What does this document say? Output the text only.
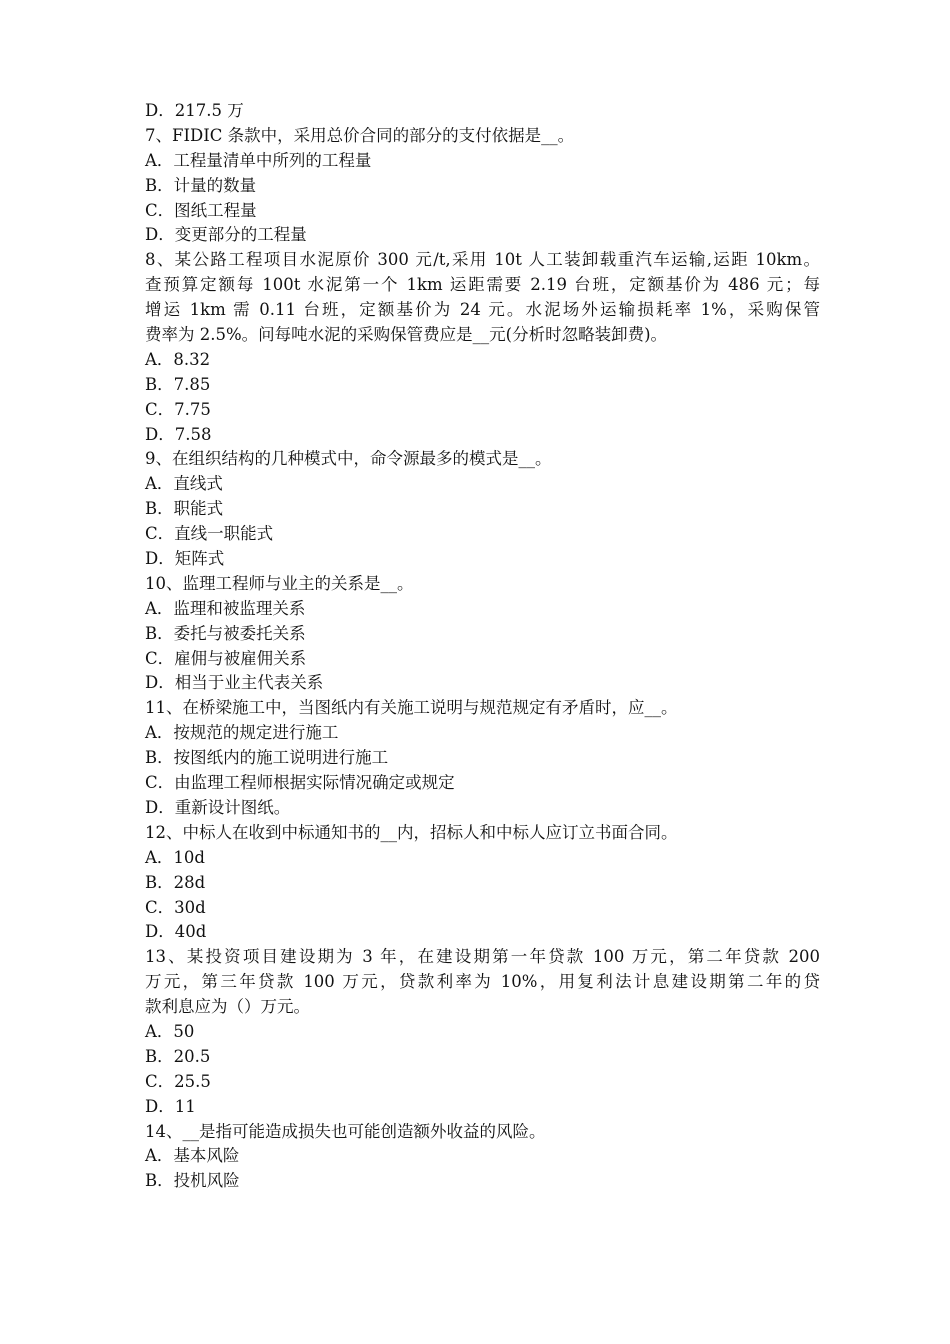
D．217.5 万
7、FIDIC 条款中，采用总价合同的部分的支付依据是__。
A．工程量清单中所列的工程量
B．计量的数量
C．图纸工程量
D．变更部分的工程量
8、某公路工程项目水泥原价 300 元/t,采用 10t 人工装卸载重汽车运输,运距 10km。
查预算定额每 100t 水泥第一个 1km 运距需要 2.19 台班，定额基价为 486 元；每
增运 1km 需 0.11 台班，定额基价为 24 元。水泥场外运输损耗率 1%，采购保管
费率为 2.5%。问每吨水泥的采购保管费应是__元(分析时忽略装卸费)。
A．8.32
B．7.85
C．7.75
D．7.58
9、在组织结构的几种模式中，命令源最多的模式是__。
A．直线式
B．职能式
C．直线一职能式
D．矩阵式
10、监理工程师与业主的关系是__。
A．监理和被监理关系
B．委托与被委托关系
C．雇佣与被雇佣关系
D．相当于业主代表关系
11、在桥梁施工中，当图纸内有关施工说明与规范规定有矛盾时，应__。
A．按规范的规定进行施工
B．按图纸内的施工说明进行施工
C．由监理工程师根据实际情况确定或规定
D．重新设计图纸。
12、中标人在收到中标通知书的__内，招标人和中标人应订立书面合同。
A．10d
B．28d
C．30d
D．40d
13、某投资项目建设期为 3 年，在建设期第一年贷款 100 万元，第二年贷款 200
万元，第三年贷款 100 万元，贷款利率为 10%，用复利法计息建设期第二年的贷
款利息应为（）万元。
A．50
B．20.5
C．25.5
D．11
14、__是指可能造成损失也可能创造额外收益的风险。
A．基本风险
B．投机风险
